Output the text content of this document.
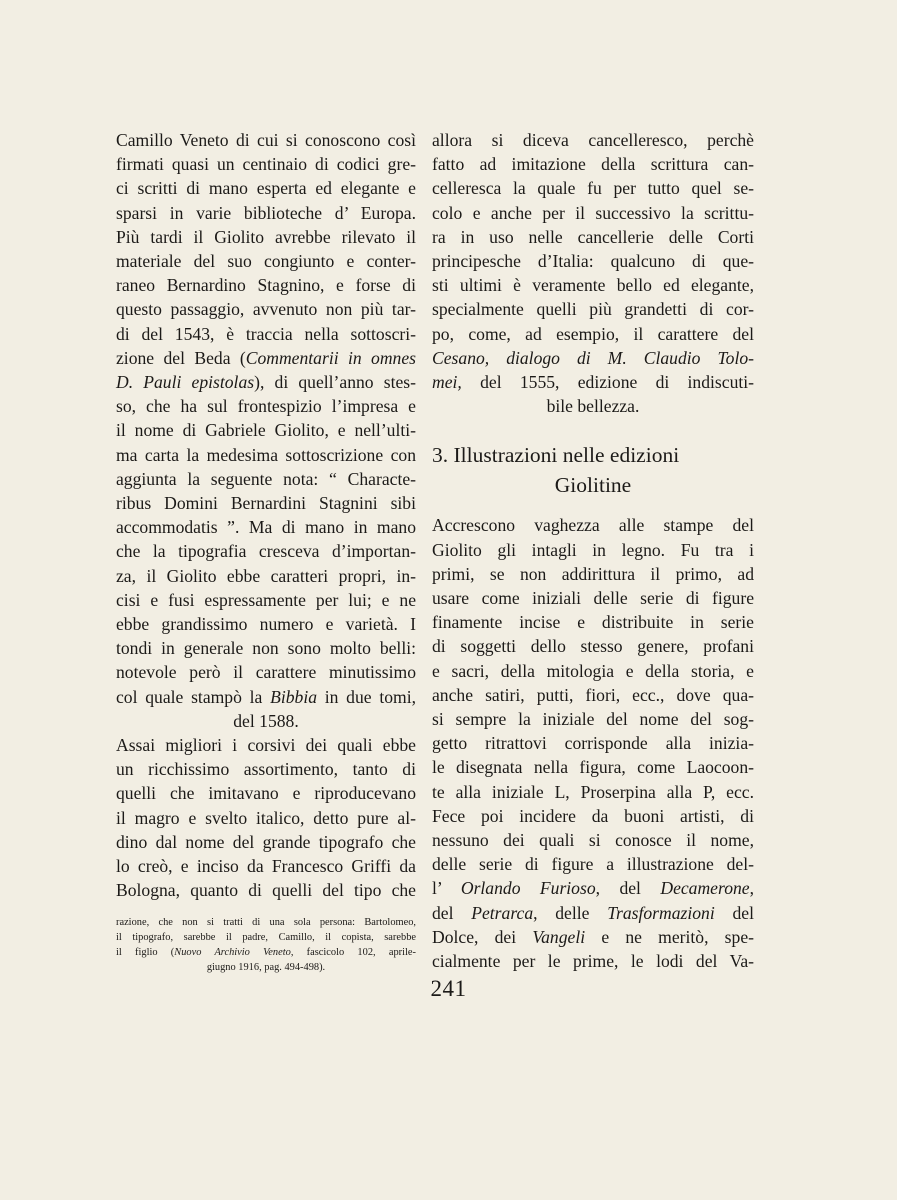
Camillo Veneto di cui si conoscono così
firmati quasi un centinaio di codici gre-
ci scritti di mano esperta ed elegante e
sparsi in varie biblioteche d’ Europa.
Più tardi il Giolito avrebbe rilevato il
materiale del suo congiunto e conter-
raneo Bernardino Stagnino, e forse di
questo passaggio, avvenuto non più tar-
di del 1543, è traccia nella sottoscri-
zione del Beda (Commentarii in omnes
D. Pauli epistolas), di quell’anno stes-
so, che ha sul frontespizio l’impresa e
il nome di Gabriele Giolito, e nell’ulti-
ma carta la medesima sottoscrizione con
aggiunta la seguente nota: “ Characte-
ribus Domini Bernardini Stagnini sibi
accommodatis ”. Ma di mano in mano
che la tipografia cresceva d’importan-
za, il Giolito ebbe caratteri propri, in-
cisi e fusi espressamente per lui; e ne
ebbe grandissimo numero e varietà. I
tondi in generale non sono molto belli:
notevole però il carattere minutissimo
col quale stampò la Bibbia in due tomi,
del 1588.

Assai migliori i corsivi dei quali ebbe
un ricchissimo assortimento, tanto di
quelli che imitavano e riproducevano
il magro e svelto italico, detto pure al-
dino dal nome del grande tipografo che
lo creò, e inciso da Francesco Griffi da
Bologna, quanto di quelli del tipo che

razione, che non si tratti di una sola persona: Bartolomeo,
il tipografo, sarebbe il padre, Camillo, il copista, sarebbe
il figlio (Nuovo Archivio Veneto, fascicolo 102, aprile-
giugno 1916, pag. 494-498).

allora si diceva cancelleresco, perchè
fatto ad imitazione della scrittura can-
celleresca la quale fu per tutto quel se-
colo e anche per il successivo la scrittu-
ra in uso nelle cancellerie delle Corti
principesche d’Italia: qualcuno di que-
sti ultimi è veramente bello ed elegante,
specialmente quelli più grandetti di cor-
po, come, ad esempio, il carattere del
Cesano, dialogo di M. Claudio Tolo-
mei, del 1555, edizione di indiscuti-
bile bellezza.

3. Illustrazioni nelle edizioni
Giolitine

Accrescono vaghezza alle stampe del
Giolito gli intagli in legno. Fu tra i
primi, se non addirittura il primo, ad
usare come iniziali delle serie di figure
finamente incise e distribuite in serie
di soggetti dello stesso genere, profani
e sacri, della mitologia e della storia, e
anche satiri, putti, fiori, ecc., dove qua-
si sempre la iniziale del nome del sog-
getto ritrattovi corrisponde alla inizia-
le disegnata nella figura, come Laocoon-
te alla iniziale L, Proserpina alla P, ecc.
Fece poi incidere da buoni artisti, di
nessuno dei quali si conosce il nome,
delle serie di figure a illustrazione del-
l’ Orlando Furioso, del Decamerone,
del Petrarca, delle Trasformazioni del
Dolce, dei Vangeli e ne meritò, spe-
cialmente per le prime, le lodi del Va-

241
